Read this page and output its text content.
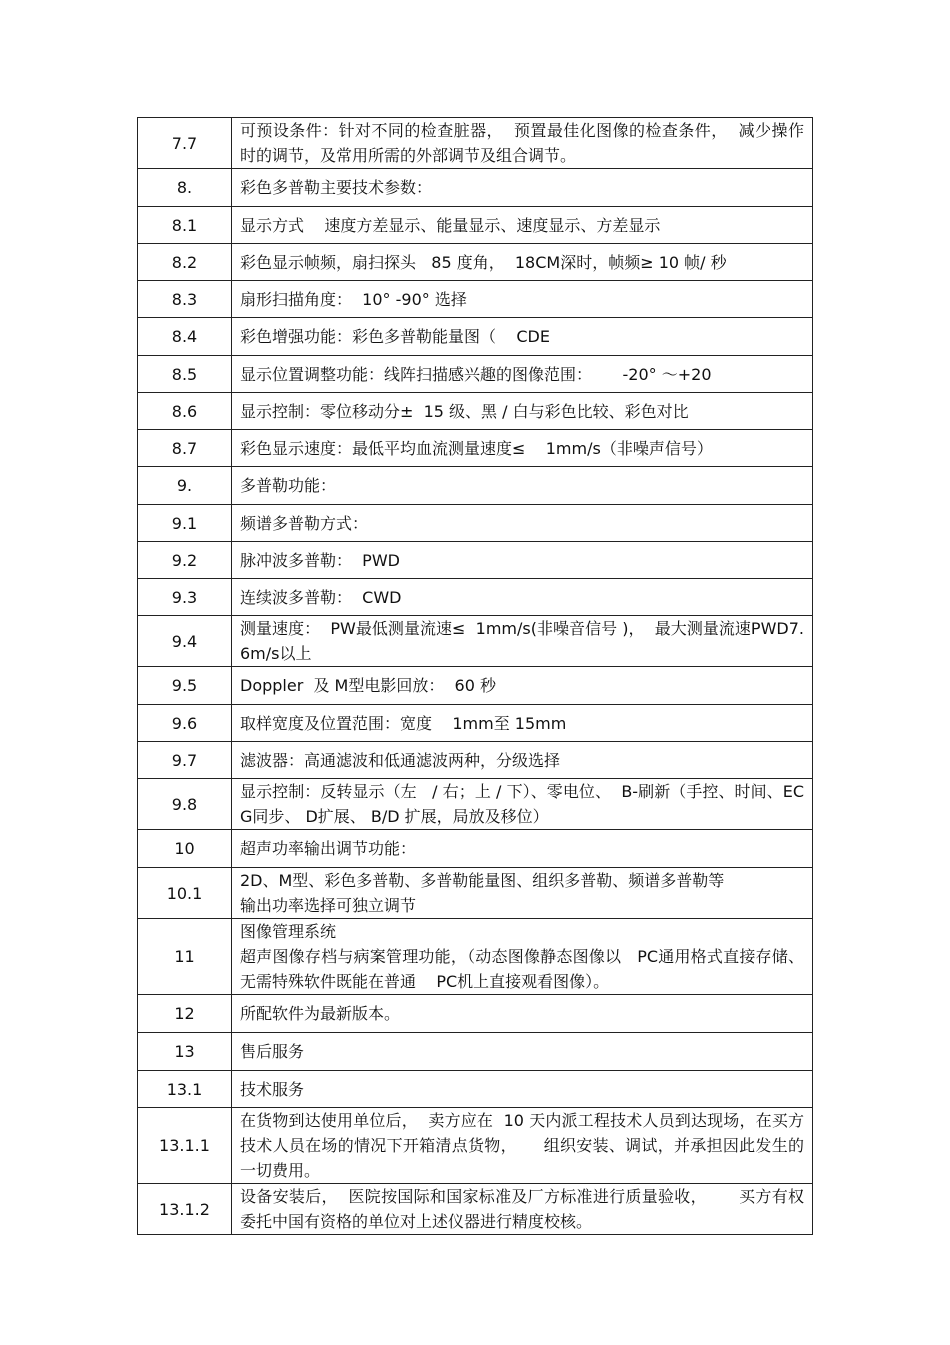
7.7	可预设条件：针对不同的检查脏器，  预置最佳化图像的检查条件，  减少操作时的调节，及常用所需的外部调节及组合调节。
8.	彩色多普勒主要技术参数：
8.1	显示方式    速度方差显示、能量显示、速度显示、方差显示
8.2	彩色显示帧频，扇扫探头   85 度角，  18CM深时，帧频≥ 10 帧/ 秒
8.3	扇形扫描角度：  10° -90° 选择
8.4	彩色增强功能：彩色多普勒能量图（    CDE
8.5	显示位置调整功能：线阵扫描感兴趣的图像范围：      -20° ～+20
8.6	显示控制：零位移动分±  15 级、黑 / 白与彩色比较、彩色对比
8.7	彩色显示速度：最低平均血流测量速度≤    1mm/s（非噪声信号）
9.	多普勒功能：
9.1	频谱多普勒方式：
9.2	脉冲波多普勒：  PWD
9.3	连续波多普勒：  CWD
9.4	测量速度：  PW最低测量流速≤  1mm/s(非噪音信号 )，  最大测量流速PWD7.6m/s以上
9.5	Doppler  及 M型电影回放：  60 秒
9.6	取样宽度及位置范围：宽度    1mm至 15mm
9.7	滤波器：高通滤波和低通滤波两种，分级选择
9.8	显示控制：反转显示（左   / 右；上 / 下）、零电位、  B-刷新（手控、时间、ECG同步、 D扩展、 B/D 扩展，局放及移位）
10	超声功率输出调节功能：
10.1	2D、M型、彩色多普勒、多普勒能量图、组织多普勒、频谱多普勒等
输出功率选择可独立调节
11	图像管理系统
超声图像存档与病案管理功能，（动态图像静态图像以   PC通用格式直接存储、无需特殊软件既能在普通    PC机上直接观看图像）。
12	所配软件为最新版本。
13	售后服务
13.1	技术服务
13.1.1	在货物到达使用单位后，  卖方应在  10 天内派工程技术人员到达现场，在买方技术人员在场的情况下开箱清点货物，     组织安装、调试，并承担因此发生的一切费用。
13.1.2	设备安装后，  医院按国际和国家标准及厂方标准进行质量验收，      买方有权委托中国有资格的单位对上述仪器进行精度校核。
